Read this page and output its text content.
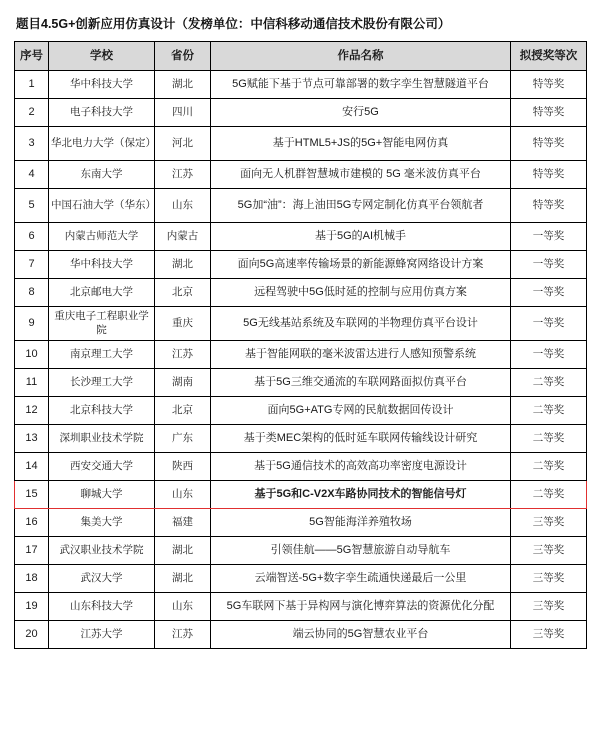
题目4.5G+创新应用仿真设计（发榜单位：中信科移动通信技术股份有限公司）
序号	学校	省份	作品名称	拟授奖等次
1	华中科技大学	湖北	5G赋能下基于节点可靠部署的数字孪生智慧隧道平台	特等奖
2	电子科技大学	四川	安行5G	特等奖
3	华北电力大学（保定）	河北	基于HTML5+JS的5G+智能电网仿真	特等奖
4	东南大学	江苏	面向无人机群智慧城市建模的 5G 毫米波仿真平台	特等奖
5	中国石油大学（华东）	山东	5G加“油”：海上油田5G专网定制化仿真平台领航者	特等奖
6	内蒙古师范大学	内蒙古	基于5G的AI机械手	一等奖
7	华中科技大学	湖北	面向5G高速率传输场景的新能源蜂窝网络设计方案	一等奖
8	北京邮电大学	北京	远程驾驶中5G低时延的控制与应用仿真方案	一等奖
9	重庆电子工程职业学院	重庆	5G无线基站系统及车联网的半物理仿真平台设计	一等奖
10	南京理工大学	江苏	基于智能网联的毫米波雷达进行人感知预警系统	一等奖
11	长沙理工大学	湖南	基于5G三维交通流的车联网路面拟仿真平台	二等奖
12	北京科技大学	北京	面向5G+ATG专网的民航数据回传设计	二等奖
13	深圳职业技术学院	广东	基于类MEC架构的低时延车联网传输线设计研究	二等奖
14	西安交通大学	陕西	基于5G通信技术的高效高功率密度电源设计	二等奖
15	聊城大学	山东	基于5G和C-V2X车路协同技术的智能信号灯	二等奖
16	集美大学	福建	5G智能海洋养殖牧场	三等奖
17	武汉职业技术学院	湖北	引领佳航——5G智慧旅游自动导航车	三等奖
18	武汉大学	湖北	云端智送-5G+数字孪生疏通快递最后一公里	三等奖
19	山东科技大学	山东	5G车联网下基于异构网与演化博弈算法的资源优化分配	三等奖
20	江苏大学	江苏	端云协同的5G智慧农业平台	三等奖
